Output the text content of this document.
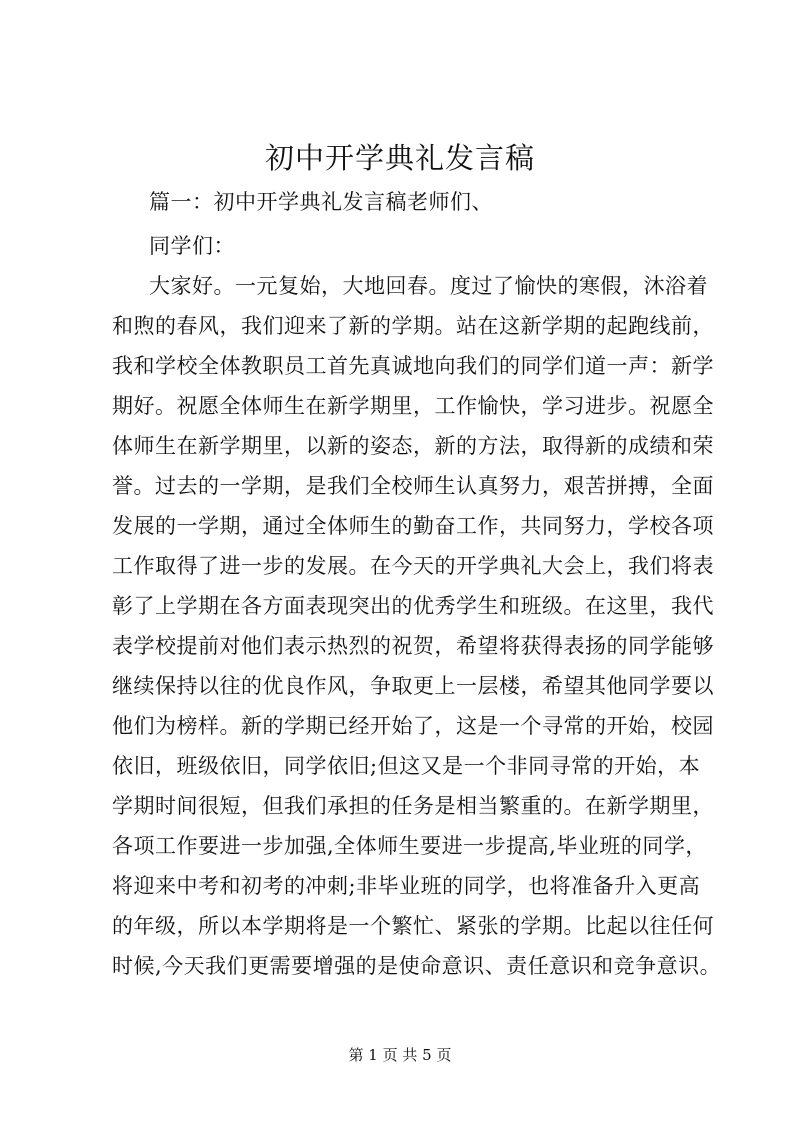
初中开学典礼发言稿
篇一：初中开学典礼发言稿老师们、
同学们：
大家好。一元复始，大地回春。度过了愉快的寒假，沐浴着
和煦的春风，我们迎来了新的学期。站在这新学期的起跑线前，
我和学校全体教职员工首先真诚地向我们的同学们道一声：新学
期好。祝愿全体师生在新学期里，工作愉快，学习进步。祝愿全
体师生在新学期里，以新的姿态，新的方法，取得新的成绩和荣
誉。过去的一学期，是我们全校师生认真努力，艰苦拼搏，全面
发展的一学期，通过全体师生的勤奋工作，共同努力，学校各项
工作取得了进一步的发展。在今天的开学典礼大会上，我们将表
彰了上学期在各方面表现突出的优秀学生和班级。在这里，我代
表学校提前对他们表示热烈的祝贺，希望将获得表扬的同学能够
继续保持以往的优良作风，争取更上一层楼，希望其他同学要以
他们为榜样。新的学期已经开始了，这是一个寻常的开始，校园
依旧，班级依旧，同学依旧;但这又是一个非同寻常的开始，本
学期时间很短，但我们承担的任务是相当繁重的。在新学期里，
各项工作要进一步加强,全体师生要进一步提高,毕业班的同学，
将迎来中考和初考的冲刺;非毕业班的同学，也将准备升入更高
的年级，所以本学期将是一个繁忙、紧张的学期。比起以往任何
时候,今天我们更需要增强的是使命意识、责任意识和竞争意识。
第 1 页 共 5 页
